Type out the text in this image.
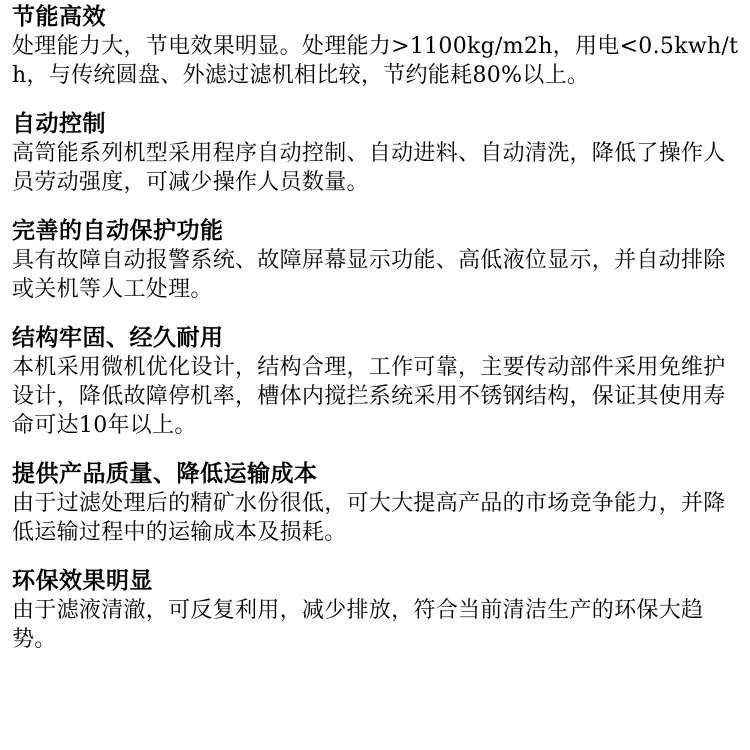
节能高效

处理能力大，节电效果明显。处理能力>1100kg/m2h，用电<0.5kwh/th，与传统圆盘、外滤过滤机相比较，节约能耗80%以上。

自动控制

高笥能系列机型采用程序自动控制、自动进料、自动清洗，降低了操作人员劳动强度，可减少操作人员数量。

完善的自动保护功能

具有故障自动报警系统、故障屏幕显示功能、高低液位显示，并自动排除或关机等人工处理。

结构牢固、经久耐用

本机采用微机优化设计，结构合理，工作可靠，主要传动部件采用免维护设计，降低故障停机率，槽体内搅拦系统采用不锈钢结构，保证其使用寿命可达10年以上。

提供产品质量、降低运输成本

由于过滤处理后的精矿水份很低，可大大提高产品的市场竞争能力，并降低运输过程中的运输成本及损耗。

环保效果明显

由于滤液清澈，可反复利用，减少排放，符合当前清洁生产的环保大趋势。
